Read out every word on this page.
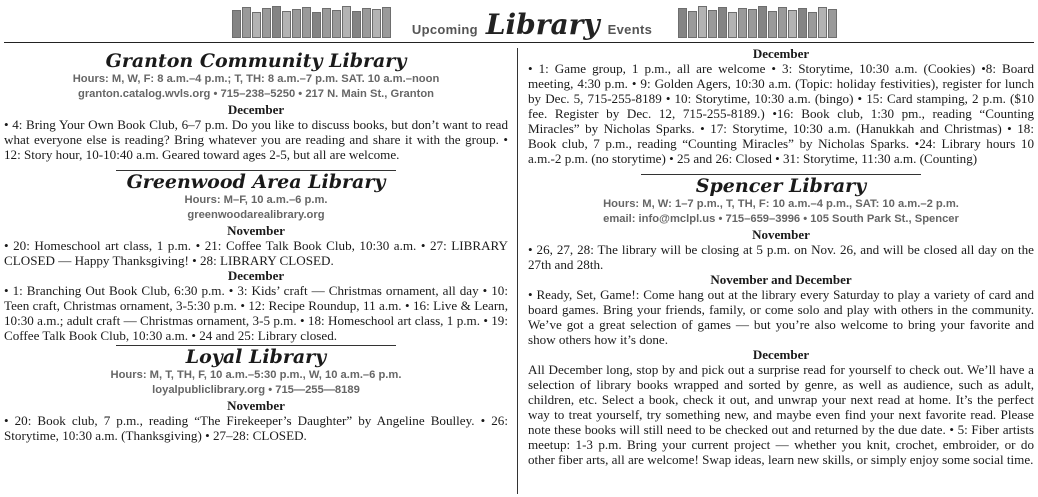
Upcoming Library Events
Granton Community Library

Hours: M, W, F: 8 a.m.–4 p.m.; T, TH: 8 a.m.–7 p.m. SAT. 10 a.m.–noon

granton.catalog.wvls.org • 715–238–5250 • 217 N. Main St., Granton

December

• 4: Bring Your Own Book Club, 6–7 p.m. Do you like to discuss books, but don’t want to read what everyone else is reading? Bring whatever you are reading and share it with the group. • 12: Story hour, 10-10:40 a.m. Geared toward ages 2-5, but all are welcome.

Greenwood Area Library

Hours: M–F, 10 a.m.–6 p.m.

greenwoodarealibrary.org

November

• 20: Homeschool art class, 1 p.m. • 21: Coffee Talk Book Club, 10:30 a.m. • 27: LIBRARY CLOSED — Happy Thanksgiving! • 28: LIBRARY CLOSED.

December

• 1: Branching Out Book Club, 6:30 p.m. • 3: Kids’ craft — Christmas ornament, all day • 10: Teen craft, Christmas ornament, 3-5:30 p.m. • 12: Recipe Roundup, 11 a.m. • 16: Live & Learn, 10:30 a.m.; adult craft — Christmas ornament, 3-5 p.m. • 18: Homeschool art class, 1 p.m. • 19: Coffee Talk Book Club, 10:30 a.m. • 24 and 25: Library closed.

Loyal Library

Hours: M, T, TH, F, 10 a.m.–5:30 p.m., W, 10 a.m.–6 p.m.

loyalpubliclibrary.org • 715—255—8189

November

• 20: Book club, 7 p.m., reading “The Firekeeper’s Daughter” by Angeline Boulley. • 26: Storytime, 10:30 a.m. (Thanksgiving) • 27–28: CLOSED.

December

• 1: Game group, 1 p.m., all are welcome • 3: Storytime, 10:30 a.m. (Cookies) •8: Board meeting, 4:30 p.m. • 9: Golden Agers, 10:30 a.m. (Topic: holiday festivities), register for lunch by Dec. 5, 715-255-8189 • 10: Storytime, 10:30 a.m. (bingo) • 15: Card stamping, 2 p.m. ($10 fee. Register by Dec. 12, 715-255-8189.) •16: Book club, 1:30 pm., reading “Counting Miracles” by Nicholas Sparks. • 17: Storytime, 10:30 a.m. (Hanukkah and Christmas) • 18: Book club, 7 p.m., reading “Counting Miracles” by Nicholas Sparks. •24: Library hours 10 a.m.-2 p.m. (no storytime) • 25 and 26: Closed • 31: Storytime, 11:30 a.m. (Counting)

Spencer Library

Hours: M, W: 1–7 p.m., T, TH, F: 10 a.m.–4 p.m., SAT: 10 a.m.–2 p.m.

email: info@mclpl.us • 715–659–3996 • 105 South Park St., Spencer

November

• 26, 27, 28: The library will be closing at 5 p.m. on Nov. 26, and will be closed all day on the 27th and 28th.

November and December

• Ready, Set, Game!: Come hang out at the library every Saturday to play a variety of card and board games. Bring your friends, family, or come solo and play with others in the community. We’ve got a great selection of games — but you’re also welcome to bring your favorite and show others how it’s done.

December

All December long, stop by and pick out a surprise read for yourself to check out. We’ll have a selection of library books wrapped and sorted by genre, as well as audience, such as adult, children, etc. Select a book, check it out, and unwrap your next read at home. It’s the perfect way to treat yourself, try something new, and maybe even find your next favorite read. Please note these books will still need to be checked out and returned by the due date. • 5: Fiber artists meetup: 1-3 p.m. Bring your current project — whether you knit, crochet, embroider, or do other fiber arts, all are welcome! Swap ideas, learn new skills, or simply enjoy some social time.
